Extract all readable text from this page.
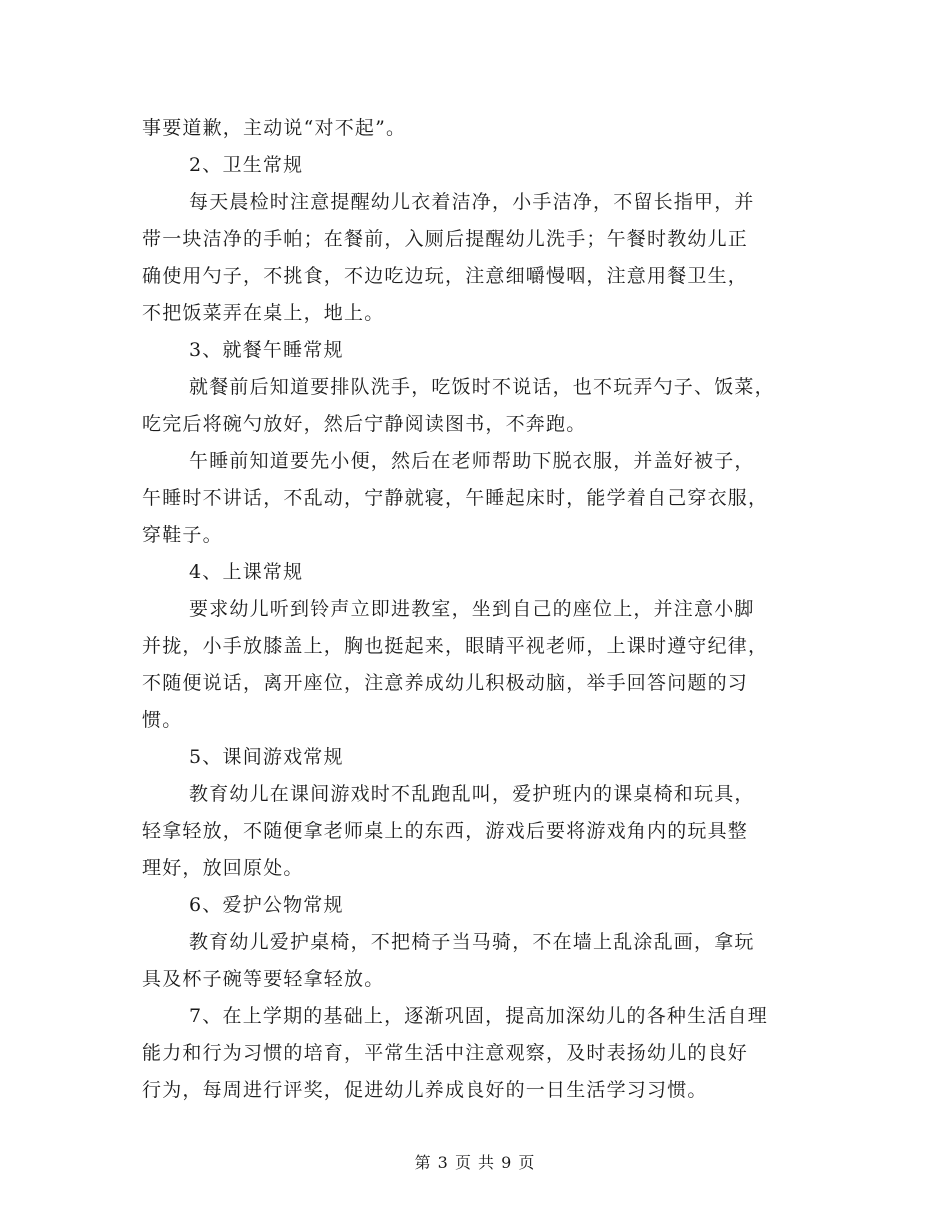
事要道歉，主动说“对不起”。
2、卫生常规
每天晨检时注意提醒幼儿衣着洁净，小手洁净，不留长指甲，并
带一块洁净的手帕；在餐前，入厕后提醒幼儿洗手；午餐时教幼儿正
确使用勺子，不挑食，不边吃边玩，注意细嚼慢咽，注意用餐卫生，
不把饭菜弄在桌上，地上。
3、就餐午睡常规
就餐前后知道要排队洗手，吃饭时不说话，也不玩弄勺子、饭菜，
吃完后将碗勺放好，然后宁静阅读图书，不奔跑。
午睡前知道要先小便，然后在老师帮助下脱衣服，并盖好被子，
午睡时不讲话，不乱动，宁静就寝，午睡起床时，能学着自己穿衣服，
穿鞋子。
4、上课常规
要求幼儿听到铃声立即进教室，坐到自己的座位上，并注意小脚
并拢，小手放膝盖上，胸也挺起来，眼睛平视老师，上课时遵守纪律，
不随便说话，离开座位，注意养成幼儿积极动脑，举手回答问题的习
惯。
5、课间游戏常规
教育幼儿在课间游戏时不乱跑乱叫，爱护班内的课桌椅和玩具，
轻拿轻放，不随便拿老师桌上的东西，游戏后要将游戏角内的玩具整
理好，放回原处。
6、爱护公物常规
教育幼儿爱护桌椅，不把椅子当马骑，不在墙上乱涂乱画，拿玩
具及杯子碗等要轻拿轻放。
7、在上学期的基础上，逐渐巩固，提高加深幼儿的各种生活自理
能力和行为习惯的培育，平常生活中注意观察，及时表扬幼儿的良好
行为，每周进行评奖，促进幼儿养成良好的一日生活学习习惯。
第 3 页 共 9 页
